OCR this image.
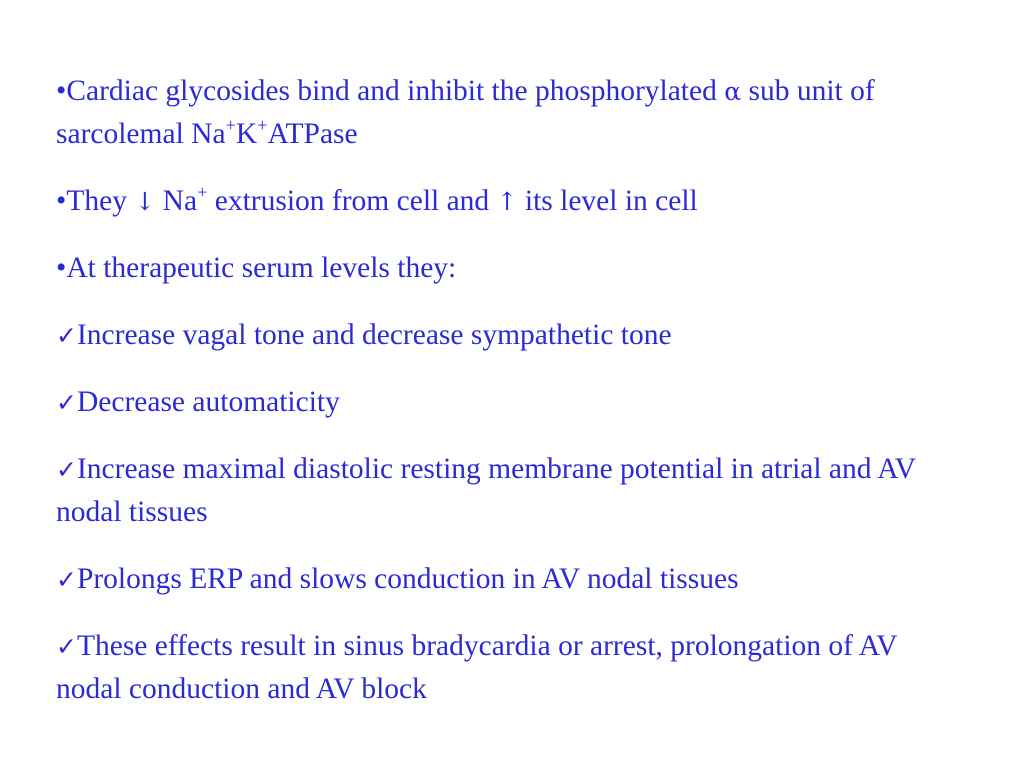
•Cardiac glycosides bind and inhibit the phosphorylated α sub unit of sarcolemal Na+K+ATPase

•They ↓ Na+ extrusion from cell and ↑ its level in cell

•At therapeutic serum levels they:

✓Increase vagal tone and decrease sympathetic tone

✓Decrease automaticity

✓Increase maximal diastolic resting membrane potential in atrial and AV nodal tissues

✓Prolongs ERP and slows conduction in AV nodal tissues

✓These effects result in sinus bradycardia or arrest, prolongation of AV nodal conduction and AV block
